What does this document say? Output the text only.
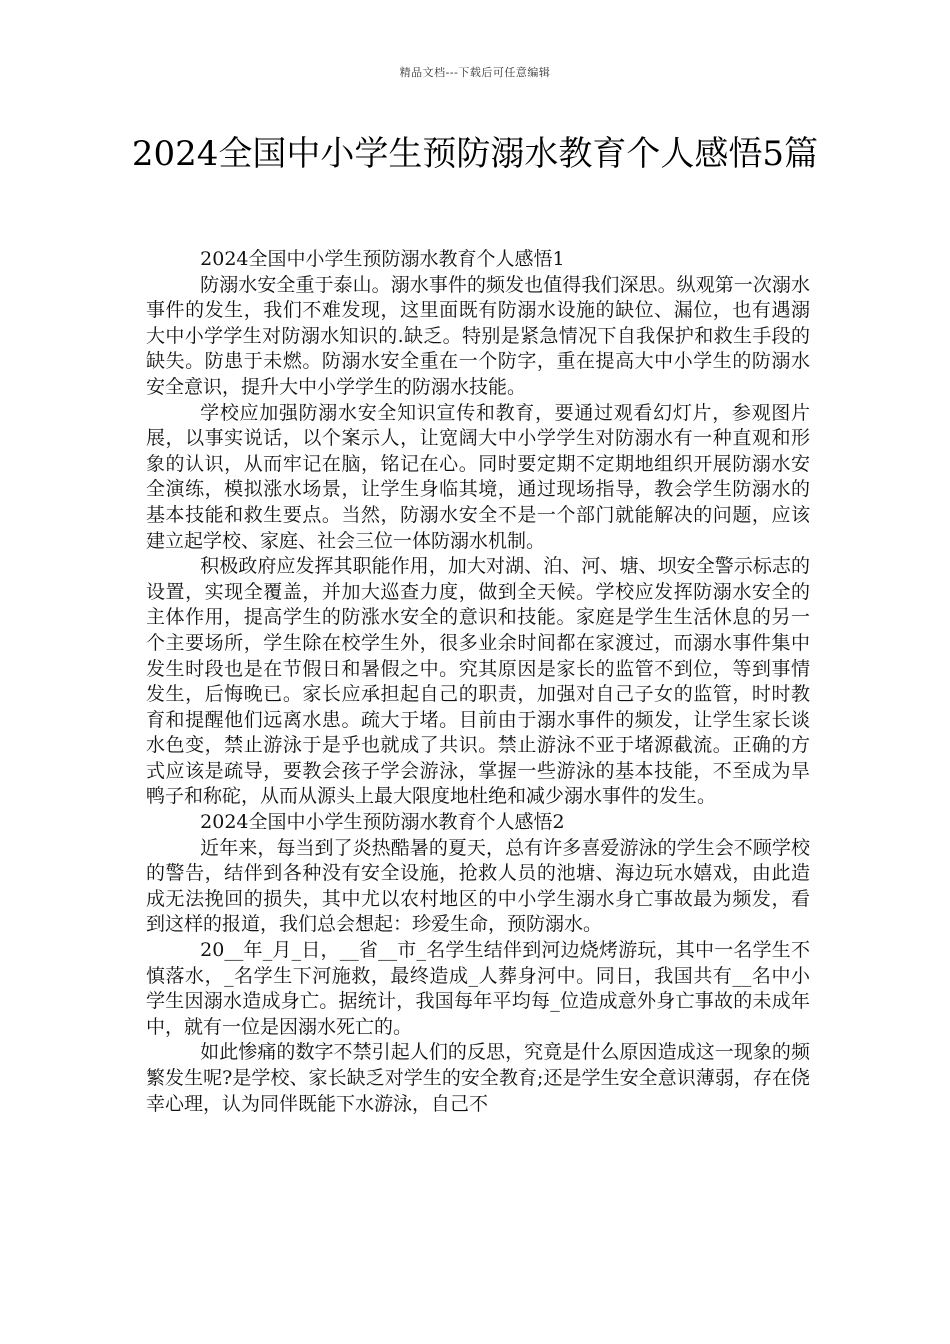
精品文档---下载后可任意编辑
2024全国中小学生预防溺水教育个人感悟5篇

2024全国中小学生预防溺水教育个人感悟1

防溺水安全重于泰山。溺水事件的频发也值得我们深思。纵观第一次溺水事件的发生，我们不难发现，这里面既有防溺水设施的缺位、漏位，也有遇溺大中小学学生对防溺水知识的.缺乏。特别是紧急情况下自我保护和救生手段的缺失。防患于未燃。防溺水安全重在一个防字，重在提高大中小学生的防溺水安全意识，提升大中小学学生的防溺水技能。

学校应加强防溺水安全知识宣传和教育，要通过观看幻灯片，参观图片展，以事实说话，以个案示人，让宽阔大中小学学生对防溺水有一种直观和形象的认识，从而牢记在脑，铭记在心。同时要定期不定期地组织开展防溺水安全演练，模拟涨水场景，让学生身临其境，通过现场指导，教会学生防溺水的基本技能和救生要点。当然，防溺水安全不是一个部门就能解决的问题，应该建立起学校、家庭、社会三位一体防溺水机制。

积极政府应发挥其职能作用，加大对湖、泊、河、塘、坝安全警示标志的设置，实现全覆盖，并加大巡查力度，做到全天候。学校应发挥防溺水安全的主体作用，提高学生的防涨水安全的意识和技能。家庭是学生生活休息的另一个主要场所，学生除在校学生外，很多业余时间都在家渡过，而溺水事件集中发生时段也是在节假日和暑假之中。究其原因是家长的监管不到位，等到事情发生，后悔晚已。家长应承担起自己的职责，加强对自己子女的监管，时时教育和提醒他们远离水患。疏大于堵。目前由于溺水事件的频发，让学生家长谈水色变，禁止游泳于是乎也就成了共识。禁止游泳不亚于堵源截流。正确的方式应该是疏导，要教会孩子学会游泳，掌握一些游泳的基本技能，不至成为旱鸭子和称砣，从而从源头上最大限度地杜绝和减少溺水事件的发生。

2024全国中小学生预防溺水教育个人感悟2

近年来，每当到了炎热酷暑的夏天，总有许多喜爱游泳的学生会不顾学校的警告，结伴到各种没有安全设施，抢救人员的池塘、海边玩水嬉戏，由此造成无法挽回的损失，其中尤以农村地区的中小学生溺水身亡事故最为频发，看到这样的报道，我们总会想起：珍爱生命，预防溺水。

20__年_月_日，__省__市_名学生结伴到河边烧烤游玩，其中一名学生不慎落水，_名学生下河施救，最终造成_人葬身河中。同日，我国共有__名中小学生因溺水造成身亡。据统计，我国每年平均每_位造成意外身亡事故的未成年中，就有一位是因溺水死亡的。

如此惨痛的数字不禁引起人们的反思，究竟是什么原因造成这一现象的频繁发生呢?是学校、家长缺乏对学生的安全教育;还是学生安全意识薄弱，存在侥幸心理，认为同伴既能下水游泳，自己不
